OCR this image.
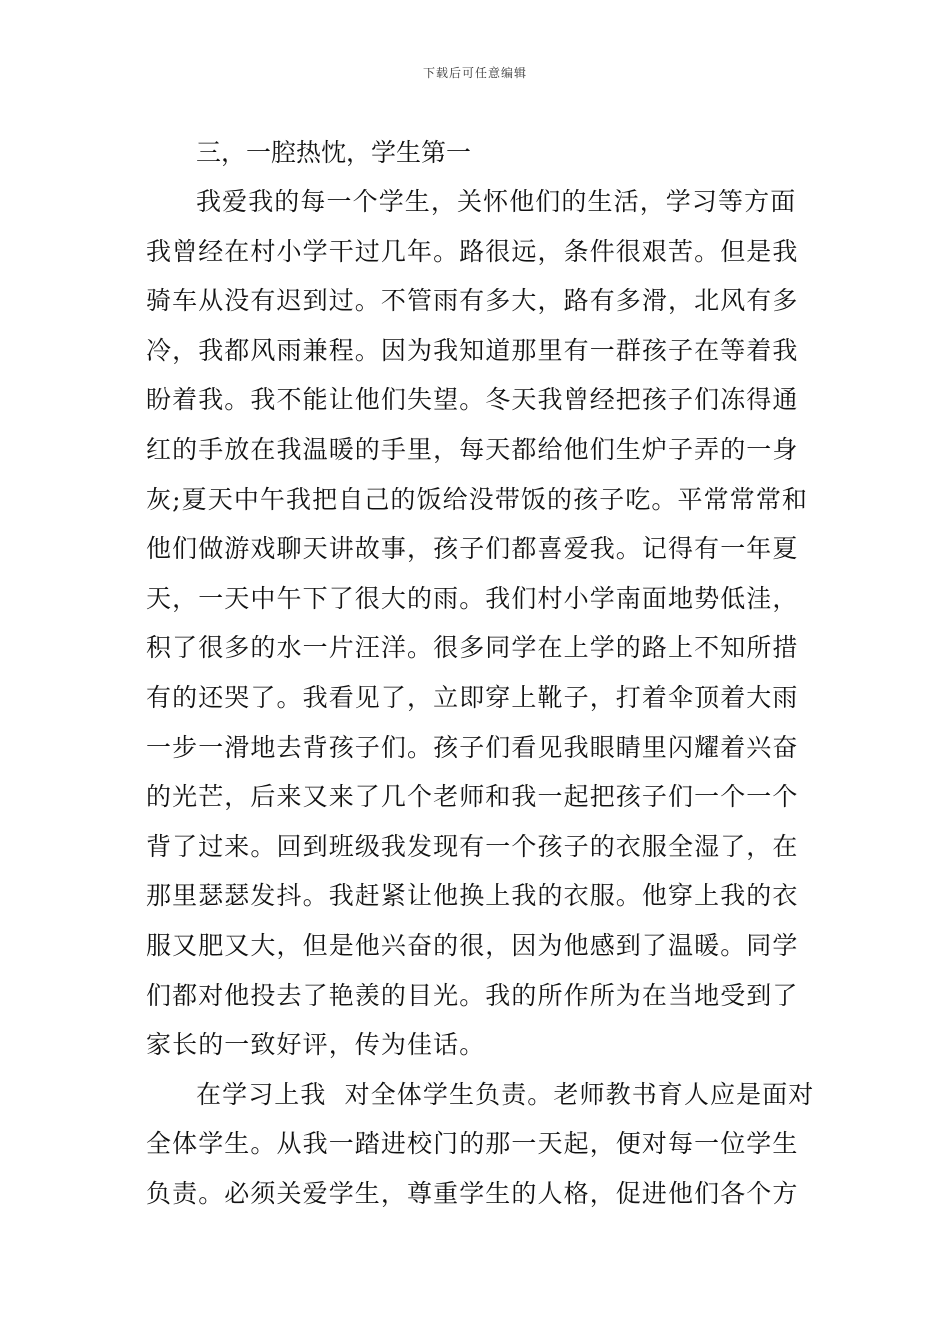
下载后可任意编辑
三，一腔热忱，学生第一
我爱我的每一个学生，关怀他们的生活，学习等方面
我曾经在村小学干过几年。路很远，条件很艰苦。但是我
骑车从没有迟到过。不管雨有多大，路有多滑，北风有多
冷，我都风雨兼程。因为我知道那里有一群孩子在等着我
盼着我。我不能让他们失望。冬天我曾经把孩子们冻得通
红的手放在我温暖的手里，每天都给他们生炉子弄的一身
灰;夏天中午我把自己的饭给没带饭的孩子吃。平常常常和
他们做游戏聊天讲故事，孩子们都喜爱我。记得有一年夏
天，一天中午下了很大的雨。我们村小学南面地势低洼，
积了很多的水一片汪洋。很多同学在上学的路上不知所措
有的还哭了。我看见了，立即穿上靴子，打着伞顶着大雨
一步一滑地去背孩子们。孩子们看见我眼睛里闪耀着兴奋
的光芒，后来又来了几个老师和我一起把孩子们一个一个
背了过来。回到班级我发现有一个孩子的衣服全湿了，在
那里瑟瑟发抖。我赶紧让他换上我的衣服。他穿上我的衣
服又肥又大，但是他兴奋的很，因为他感到了温暖。同学
们都对他投去了艳羡的目光。我的所作所为在当地受到了
家长的一致好评，传为佳话。
在学习上我  对全体学生负责。老师教书育人应是面对
全体学生。从我一踏进校门的那一天起，便对每一位学生
负责。必须关爱学生，尊重学生的人格，促进他们各个方
